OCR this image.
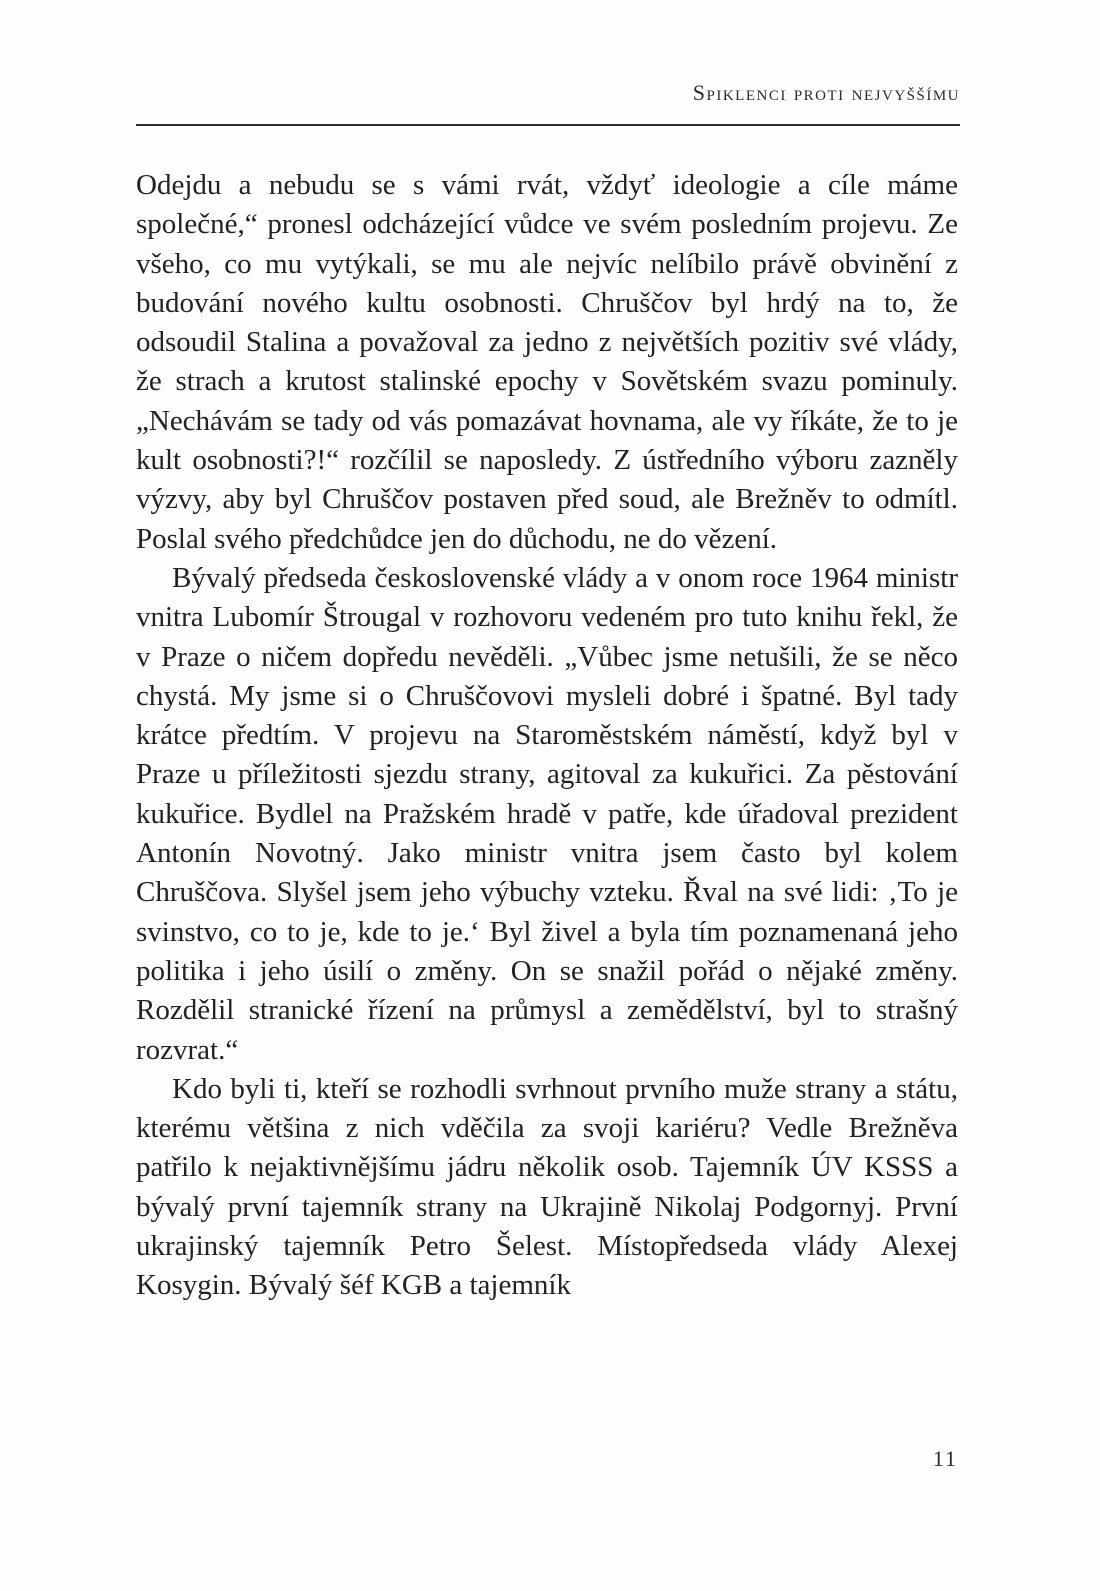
Spiklenci proti nejvyššímu

Odejdu a nebudu se s vámi rvát, vždyť ideologie a cíle máme společné,“ pronesl odcházející vůdce ve svém posledním projevu. Ze všeho, co mu vytýkali, se mu ale nejvíc nelíbilo právě obvinění z budování nového kultu osobnosti. Chruščov byl hrdý na to, že odsoudil Stalina a považoval za jedno z největších pozitiv své vlády, že strach a krutost stalinské epochy v Sovětském svazu pominuly. „Nechávám se tady od vás pomazávat hovnama, ale vy říkáte, že to je kult osobnosti?!“ rozčílil se naposledy. Z ústředního výboru zazněly výzvy, aby byl Chruščov postaven před soud, ale Brežněv to odmítl. Poslal svého předchůdce jen do důchodu, ne do vězení.

Bývalý předseda československé vlády a v onom roce 1964 ministr vnitra Lubomír Štrougal v rozhovoru vedeném pro tuto knihu řekl, že v Praze o ničem dopředu nevěděli. „Vůbec jsme netušili, že se něco chystá. My jsme si o Chruščovovi mysleli dobré i špatné. Byl tady krátce předtím. V projevu na Staroměstském náměstí, když byl v Praze u příležitosti sjezdu strany, agitoval za kukuřici. Za pěstování kukuřice. Bydlel na Pražském hradě v patře, kde úřadoval prezident Antonín Novotný. Jako ministr vnitra jsem často byl kolem Chruščova. Slyšel jsem jeho výbuchy vzteku. Řval na své lidi: ‚To je svinstvo, co to je, kde to je.‘ Byl živel a byla tím poznamenaná jeho politika i jeho úsilí o změny. On se snažil pořád o nějaké změny. Rozdělil stranické řízení na průmysl a zemědělství, byl to strašný rozvrat.“

Kdo byli ti, kteří se rozhodli svrhnout prvního muže strany a státu, kterému většina z nich vděčila za svoji kariéru? Vedle Brežněva patřilo k nejaktivnějšímu jádru několik osob. Tajemník ÚV KSSS a bývalý první tajemník strany na Ukrajině Nikolaj Podgornyj. První ukrajinský tajemník Petro Šelest. Místopředseda vlády Alexej Kosygin. Bývalý šéf KGB a tajemník

11
